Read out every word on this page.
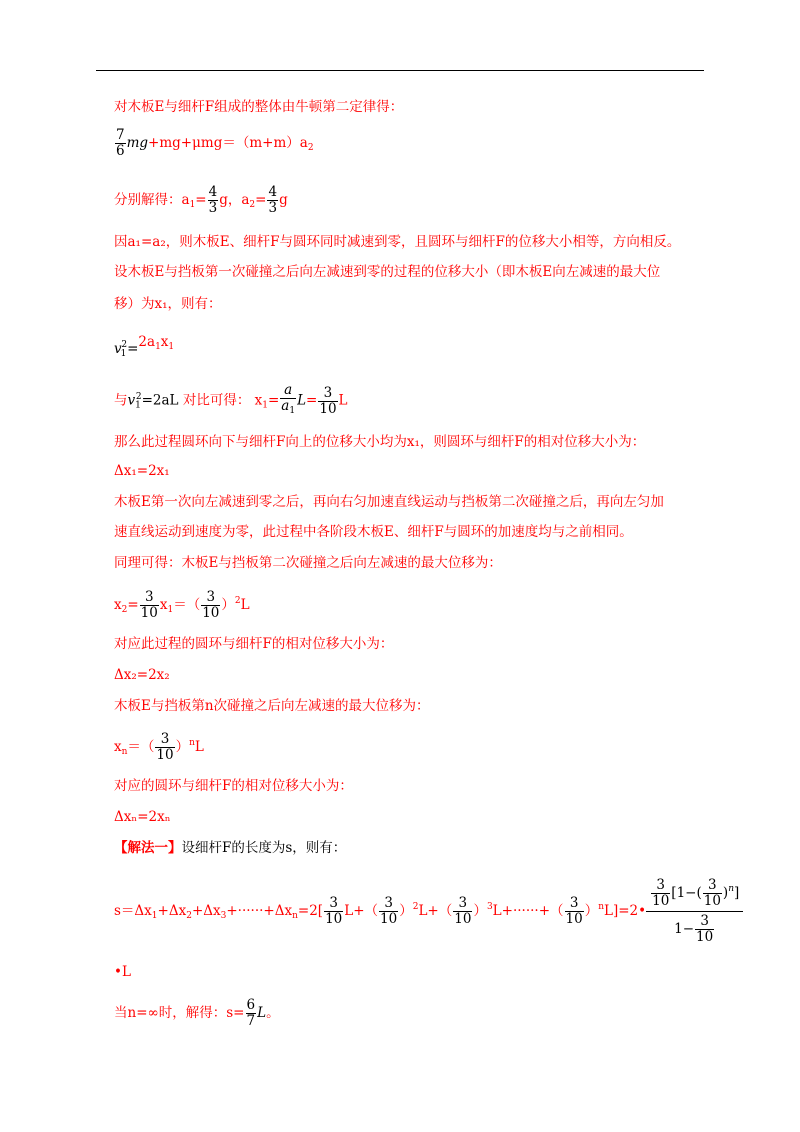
对木板E与细杆F组成的整体由牛顿第二定律得：
$\frac{7}{6} mg+mg+\mu mg=(m+m)a_2$
分别解得：$a_1= \frac{4}{3}$ g，$a_2= \frac{4}{3}$ g
因a₁=a₂，则木板E、细杆F与圆环同时减速到零，且圆环与细杆F的位移大小相等，方向相反。
设木板E与挡板第一次碰撞之后向左减速到零的过程的位移大小（即木板E向左减速的最大位
移）为x₁，则有：
$v_1^2=2a_1x_1$
与$v_1^2=2aL$ 对比可得： $x_1= \frac{a}{a_1} L= \frac{3}{10}$ L
那么此过程圆环向下与细杆F向上的位移大小均为x₁，则圆环与细杆F的相对位移大小为：
Δx₁=2x₁
木板E第一次向左减速到零之后，再向右匀加速直线运动与挡板第二次碰撞之后，再向左匀加
速直线运动到速度为零，此过程中各阶段木板E、细杆F与圆环的加速度均与之前相同。
同理可得：木板E与挡板第二次碰撞之后向左减速的最大位移为：
$x_2= \frac{3}{10} x_1=( \frac{3}{10} )^2L$
对应此过程的圆环与细杆F的相对位移大小为：
Δx₂=2x₂
木板E与挡板第n次碰撞之后向左减速的最大位移为：
$x_n=( \frac{3}{10} )^nL$
对应的圆环与细杆F的相对位移大小为：
Δxₙ=2xₙ
【解法一】设细杆F的长度为s，则有：
$s=\Delta x_1+\Delta x_2+\Delta x_3+\cdot\cdot\cdot\cdot\cdot\cdot+\Delta x_n=2[ \frac{3}{10} L+( \frac{3}{10} )^2L+( \frac{3}{10} )^3L+\cdot\cdot\cdot\cdot\cdot\cdot+( \frac{3}{10}$ ）$^nL]=2• \frac{\frac{3}{10} [1-( \frac{3}{10} )^n]}{1- \frac{3}{10}}$
•L
当n=∞时，解得：$s= \frac{6}{7}$ L。
